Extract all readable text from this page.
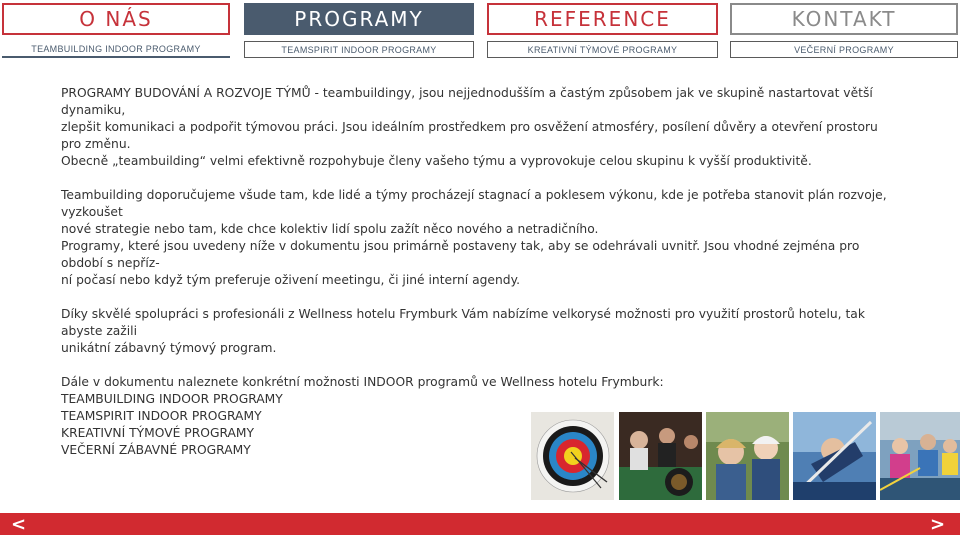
O NÁS	PROGRAMY	REFERENCE	KONTAKT
TEAMBUILDING INDOOR PROGRAMY	TEAMSPIRIT INDOOR PROGRAMY	KREATIVNÍ TÝMOVÉ PROGRAMY	VEČERNÍ PROGRAMY

PROGRAMY BUDOVÁNÍ A ROZVOJE TÝMŮ - teambuildingy, jsou nejjednodušším a častým způsobem jak ve skupině nastartovat větší dynamiku,
zlepšit komunikaci a podpořit týmovou práci. Jsou ideálním prostředkem pro osvěžení atmosféry, posílení důvěry a otevření prostoru pro změnu.
Obecně „teambuilding“ velmi efektivně rozpohybuje členy vašeho týmu a vyprovokuje celou skupinu k vyšší produktivitě.

Teambuilding doporučujeme všude tam, kde lidé a týmy procházejí stagnací a poklesem výkonu, kde je potřeba stanovit plán rozvoje, vyzkoušet
nové strategie nebo tam, kde chce kolektiv lidí spolu zažít něco nového a netradičního.
Programy, které jsou uvedeny níže v dokumentu jsou primárně postaveny tak, aby se odehrávali uvnitř. Jsou vhodné zejména pro období s nepříz-
ní počasí nebo když tým preferuje oživení meetingu, či jiné interní agendy.

Díky skvělé spolupráci s profesionáli z Wellness hotelu Frymburk Vám nabízíme velkorysé možnosti pro využití prostorů hotelu, tak abyste zažili
unikátní zábavný týmový program.

Dále v dokumentu naleznete konkrétní možnosti INDOOR programů ve Wellness hotelu Frymburk:
TEAMBUILDING INDOOR PROGRAMY
TEAMSPIRIT INDOOR PROGRAMY
KREATIVNÍ TÝMOVÉ PROGRAMY
VEČERNÍ ZÁBAVNÉ PROGRAMY

<	>
